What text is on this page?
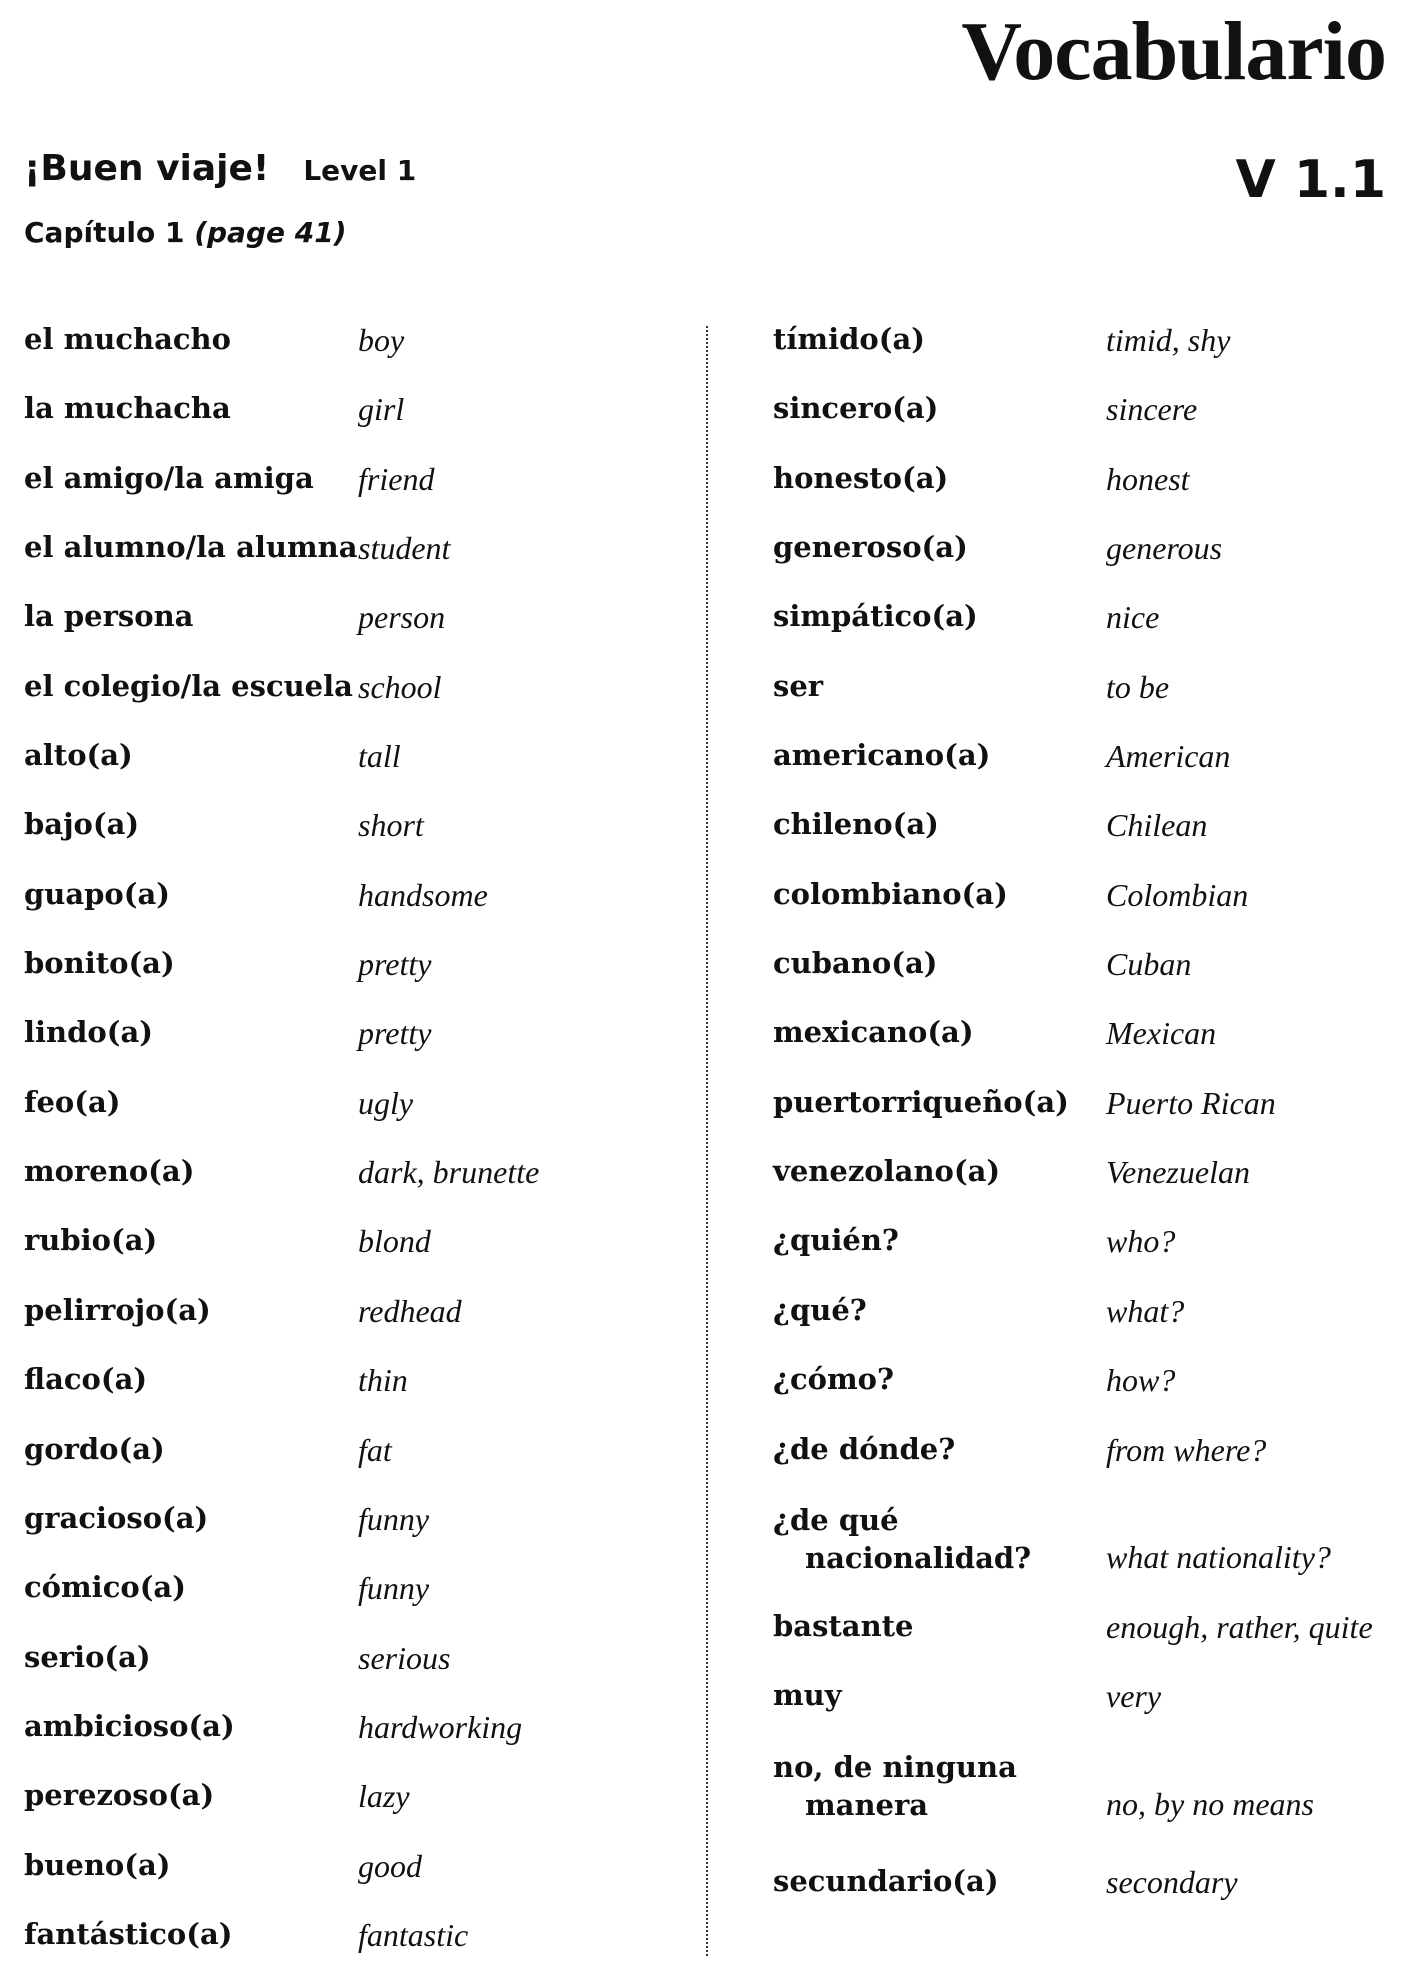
Vocabulario
¡Buen viaje! Level 1
Capítulo 1 (page 41)
V 1.1
el muchacho	boy
la muchacha	girl
el amigo/la amiga friend
el alumno/la alumna student
la persona	person
el colegio/la escuela school
alto(a)	tall
bajo(a)	short
guapo(a)	handsome
bonito(a)	pretty
lindo(a)	pretty
feo(a)	ugly
moreno(a)	dark, brunette
rubio(a)	blond
pelirrojo(a)	redhead
flaco(a)	thin
gordo(a)	fat
gracioso(a)	funny
cómico(a)	funny
serio(a)	serious
ambicioso(a)	hardworking
perezoso(a)	lazy
bueno(a)	good
fantástico(a)	fantastic
tímido(a)	timid, shy
sincero(a)	sincere
honesto(a)	honest
generoso(a)	generous
simpático(a)	nice
ser	to be
americano(a)	American
chileno(a)	Chilean
colombiano(a)	Colombian
cubano(a)	Cuban
mexicano(a)	Mexican
puertorriqueño(a) Puerto Rican
venezolano(a)	Venezuelan
¿quién?	who?
¿qué?	what?
¿cómo?	how?
¿de dónde?	from where?
¿de qué
nacionalidad?	what nationality?
bastante	enough, rather, quite
muy	very
no, de ninguna
manera	no, by no means
secundario(a)	secondary
